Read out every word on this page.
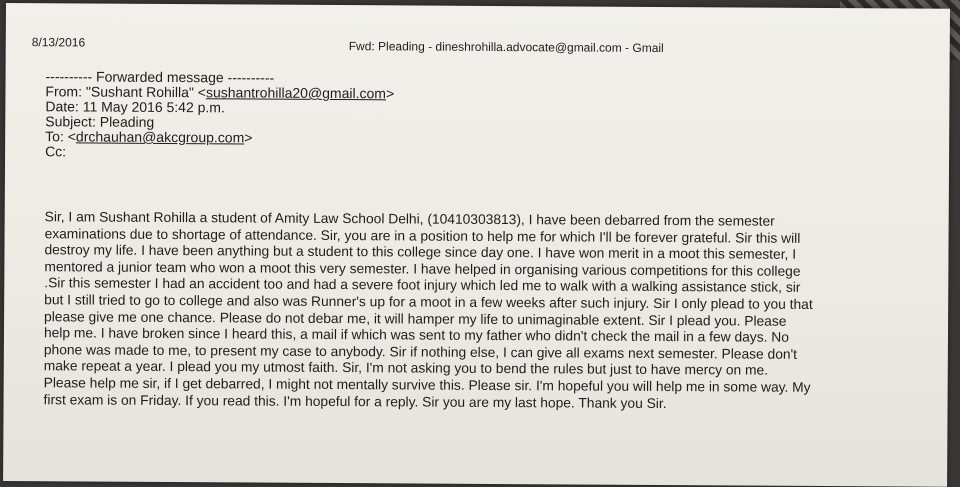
8/13/2016	Fwd: Pleading - dineshrohilla.advocate@gmail.com - Gmail
---------- Forwarded message ----------
From: "Sushant Rohilla" <sushantrohilla20@gmail.com>
Date: 11 May 2016 5:42 p.m.
Subject: Pleading
To: <drchauhan@akcgroup.com>
Cc:
Sir, I am Sushant Rohilla a student of Amity Law School Delhi, (10410303813), I have been debarred from the semester
examinations due to shortage of attendance. Sir, you are in a position to help me for which I'll be forever grateful. Sir this will
destroy my life. I have been anything but a student to this college since day one. I have won merit in a moot this semester, I
mentored a junior team who won a moot this very semester. I have helped in organising various competitions for this college
.Sir this semester I had an accident too and had a severe foot injury which led me to walk with a walking assistance stick, sir
but I still tried to go to college and also was Runner's up for a moot in a few weeks after such injury. Sir I only plead to you that
please give me one chance. Please do not debar me, it will hamper my life to unimaginable extent. Sir I plead you. Please
help me. I have broken since I heard this, a mail if which was sent to my father who didn't check the mail in a few days. No
phone was made to me, to present my case to anybody. Sir if nothing else, I can give all exams next semester. Please don't
make repeat a year. I plead you my utmost faith. Sir, I'm not asking you to bend the rules but just to have mercy on me.
Please help me sir, if I get debarred, I might not mentally survive this. Please sir. I'm hopeful you will help me in some way. My
first exam is on Friday. If you read this. I'm hopeful for a reply. Sir you are my last hope. Thank you Sir.
